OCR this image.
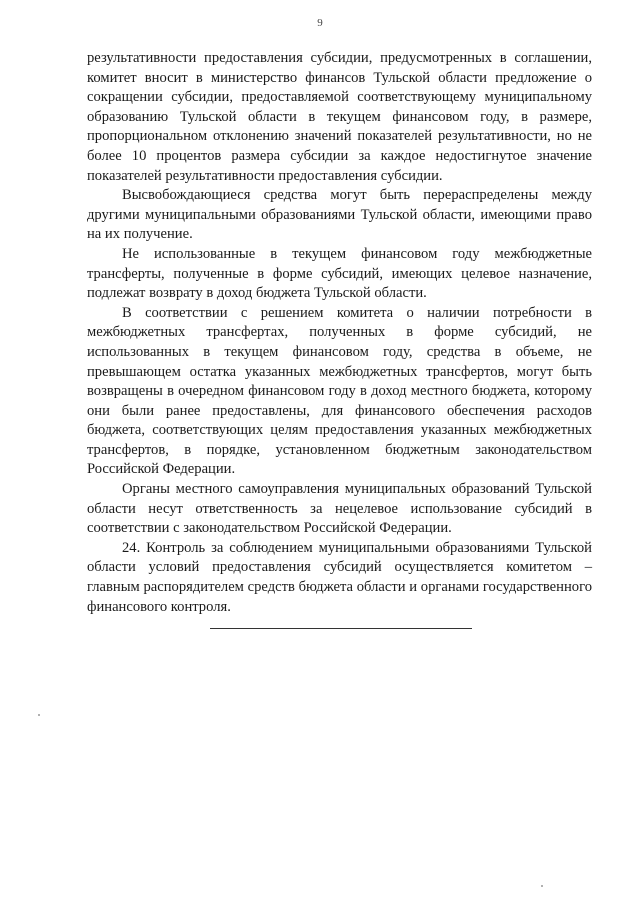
9

результативности предоставления субсидии, предусмотренных в соглашении, комитет вносит в министерство финансов Тульской области предложение о сокращении субсидии, предоставляемой соответствующему муниципальному образованию Тульской области в текущем финансовом году, в размере, пропорциональном отклонению значений показателей результативности, но не более 10 процентов размера субсидии за каждое недостигнутое значение показателей результативности предоставления субсидии.

Высвобождающиеся средства могут быть перераспределены между другими муниципальными образованиями Тульской области, имеющими право на их получение.

Не использованные в текущем финансовом году межбюджетные трансферты, полученные в форме субсидий, имеющих целевое назначение, подлежат возврату в доход бюджета Тульской области.

В соответствии с решением комитета о наличии потребности в межбюджетных трансфертах, полученных в форме субсидий, не использованных в текущем финансовом году, средства в объеме, не превышающем остатка указанных межбюджетных трансфертов, могут быть возвращены в очередном финансовом году в доход местного бюджета, которому они были ранее предоставлены, для финансового обеспечения расходов бюджета, соответствующих целям предоставления указанных межбюджетных трансфертов, в порядке, установленном бюджетным законодательством Российской Федерации.

Органы местного самоуправления муниципальных образований Тульской области несут ответственность за нецелевое использование субсидий в соответствии с законодательством Российской Федерации.

24. Контроль за соблюдением муниципальными образованиями Тульской области условий предоставления субсидий осуществляется комитетом – главным распорядителем средств бюджета области и органами государственного финансового контроля.
